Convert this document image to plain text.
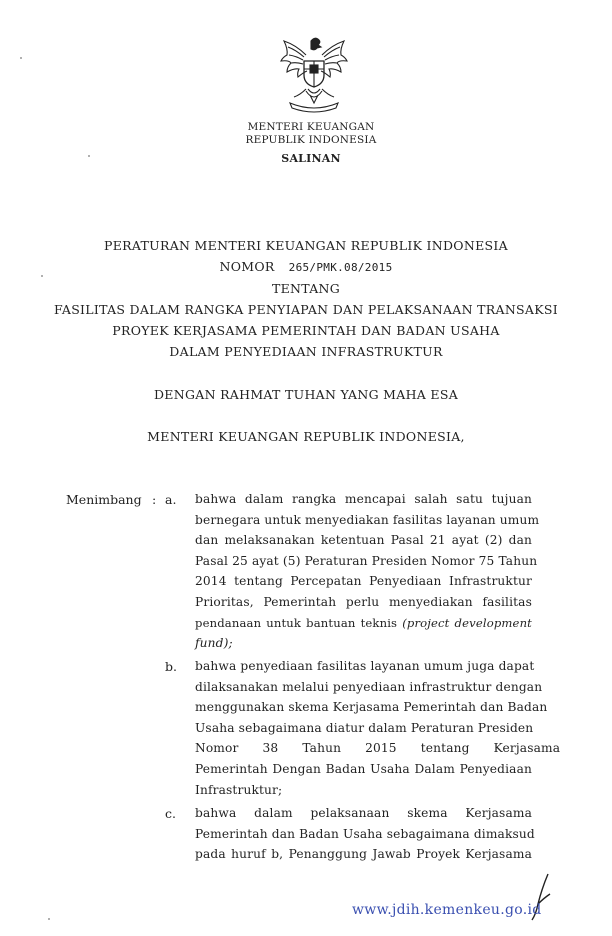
MENTERI KEUANGAN
REPUBLIK INDONESIA
SALINAN
PERATURAN MENTERI KEUANGAN REPUBLIK INDONESIA
NOMOR 265/PMK.08/2015
TENTANG
FASILITAS DALAM RANGKA PENYIAPAN DAN PELAKSANAAN TRANSAKSI
PROYEK KERJASAMA PEMERINTAH DAN BADAN USAHA
DALAM PENYEDIAAN INFRASTRUKTUR
DENGAN RAHMAT TUHAN YANG MAHA ESA
MENTERI KEUANGAN REPUBLIK INDONESIA,
Menimbang : a. bahwa dalam rangka mencapai salah satu tujuan
bernegara untuk menyediakan fasilitas layanan umum
dan melaksanakan ketentuan Pasal 21 ayat (2) dan
Pasal 25 ayat (5) Peraturan Presiden Nomor 75 Tahun
2014 tentang Percepatan Penyediaan Infrastruktur
Prioritas, Pemerintah perlu menyediakan fasilitas
pendanaan untuk bantuan teknis (project development
fund);
b. bahwa penyediaan fasilitas layanan umum juga dapat
dilaksanakan melalui penyediaan infrastruktur dengan
menggunakan skema Kerjasama Pemerintah dan Badan
Usaha sebagaimana diatur dalam Peraturan Presiden
Nomor 38 Tahun 2015 tentang Kerjasama
Pemerintah Dengan Badan Usaha Dalam Penyediaan
Infrastruktur;
c. bahwa dalam pelaksanaan skema Kerjasama
Pemerintah dan Badan Usaha sebagaimana dimaksud
pada huruf b, Penanggung Jawab Proyek Kerjasama
www.jdih.kemenkeu.go.id
